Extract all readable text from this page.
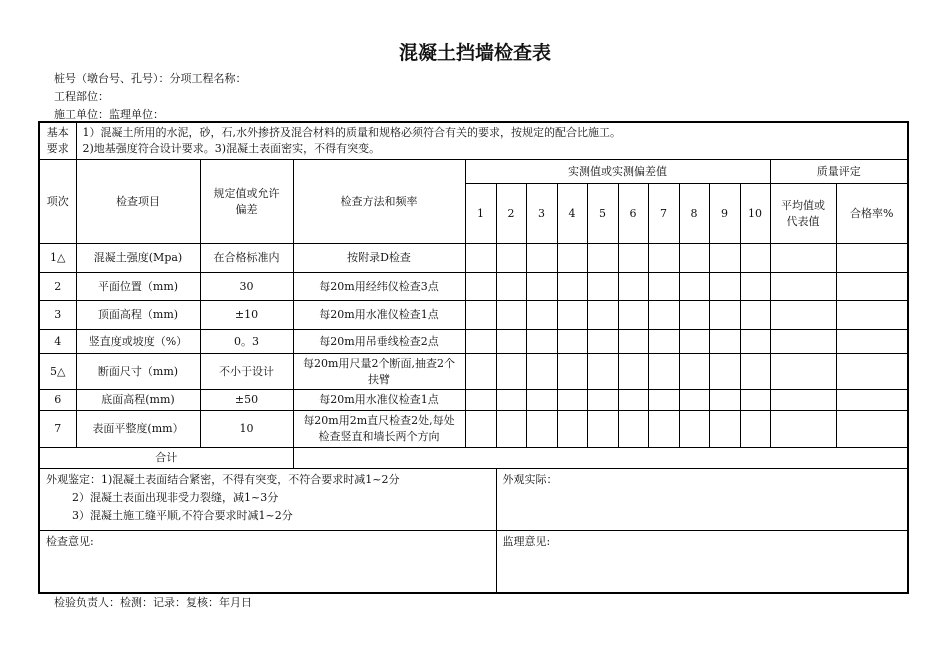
混凝土挡墙检查表
桩号（墩台号、孔号）：分项工程名称：
工程部位：
施工单位：监理单位：
基本要求	1）混凝土所用的水泥，砂，石,水外掺挤及混合材料的质量和规格必须符合有关的要求，按规定的配合比施工。
2)地基强度符合设计要求。3)混凝土表面密实，不得有突变。														

项次	检查项目	规定值或允许偏差	检查方法和频率	实测值或实测偏差值										质量评定	
				1	2	3	4	5	6	7	8	9	10	平均值或代表值	合格率%
1△	混凝土强度(Mpa)	在合格标准内	按附录D检查												
2	平面位置（mm)	30	每20m用经纬仪检查3点												
3	顶面高程（mm)	±10	每20m用水准仪检查1点												
4	竖直度或坡度（%）	0。3	每20m用吊垂线检查2点												
5△	断面尺寸（mm)	不小于设计	每20m用尺量2个断面,抽查2个扶臂												
6	底面高程(mm)	±50	每20m用水准仪检查1点												
7	表面平整度(mm）	10	每20m用2m直尺检查2处,每处检查竖直和墙长两个方向												
合计															

外观鉴定：1)混凝土表面结合紧密，不得有突变，不符合要求时减1~2分
2）混凝土表面出现非受力裂缝，减1~3分
3）混凝土施工缝平顺,不符合要求时减1~2分					外观实际：										

检查意见:					监理意见:										
检验负责人：检测：记录：复核：年月日
